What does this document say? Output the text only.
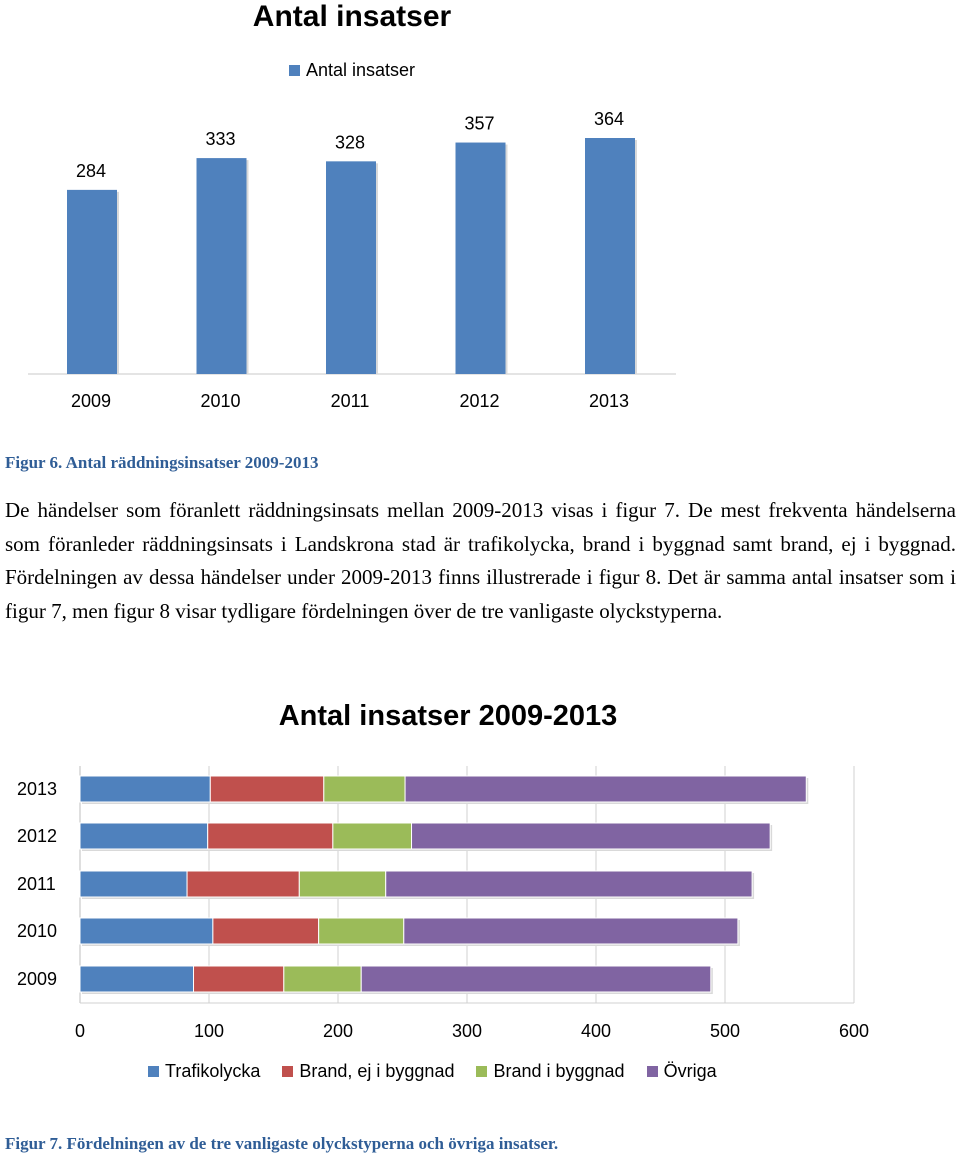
Antal insatser
Antal insatser
284
2009
333
2010
328
2011
357
2012
364
2013
Figur 6. Antal räddningsinsatser 2009-2013

De händelser som föranlett räddningsinsats mellan 2009-2013 visas i figur 7. De mest frekventa händelserna som föranleder räddningsinsats i Landskrona stad är trafikolycka, brand i byggnad samt brand, ej i byggnad. Fördelningen av dessa händelser under 2009-2013 finns illustrerade i figur 8. Det är samma antal insatser som i figur 7, men figur 8 visar tydligare fördelningen över de tre vanligaste olyckstyperna.

Antal insatser 2009-2013
0	100	200	300	400	500	600
2013
2012
2011
2010
2009
Trafikolycka Brand, ej i byggnad Brand i byggnad Övriga
Figur 7. Fördelningen av de tre vanligaste olyckstyperna och övriga insatser.
